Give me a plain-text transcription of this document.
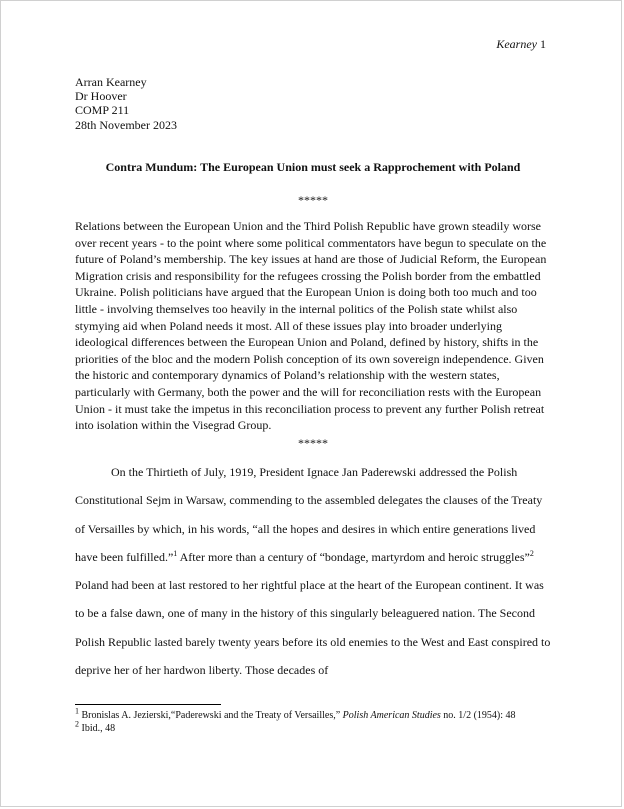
Kearney 1
Arran Kearney
Dr Hoover
COMP 211
28th November 2023
Contra Mundum: The European Union must seek a Rapprochement with Poland
*****
Relations between the European Union and the Third Polish Republic have grown steadily worse over recent years - to the point where some political commentators have begun to speculate on the future of Poland’s membership. The key issues at hand are those of Judicial Reform, the European Migration crisis and responsibility for the refugees crossing the Polish border from the embattled Ukraine. Polish politicians have argued that the European Union is doing both too much and too little - involving themselves too heavily in the internal politics of the Polish state whilst also stymying aid when Poland needs it most. All of these issues play into broader underlying ideological differences between the European Union and Poland, defined by history, shifts in the priorities of the bloc and the modern Polish conception of its own sovereign independence. Given the historic and contemporary dynamics of Poland’s relationship with the western states, particularly with Germany, both the power and the will for reconciliation rests with the European Union - it must take the impetus in this reconciliation process to prevent any further Polish retreat into isolation within the Visegrad Group.
*****
On the Thirtieth of July, 1919, President Ignace Jan Paderewski addressed the Polish Constitutional Sejm in Warsaw, commending to the assembled delegates the clauses of the Treaty of Versailles by which, in his words, “all the hopes and desires in which entire generations lived have been fulfilled.”$^1$ After more than a century of “bondage, martyrdom and heroic struggles”$^2$ Poland had been at last restored to her rightful place at the heart of the European continent. It was to be a false dawn, one of many in the history of this singularly beleaguered nation. The Second Polish Republic lasted barely twenty years before its old enemies to the West and East conspired to deprive her of her hardwon liberty. Those decades of
$^1$ Bronislas A. Jezierski,“Paderewski and the Treaty of Versailles,” Polish American Studies no. 1/2 (1954): 48
$^2$ Ibid., 48
